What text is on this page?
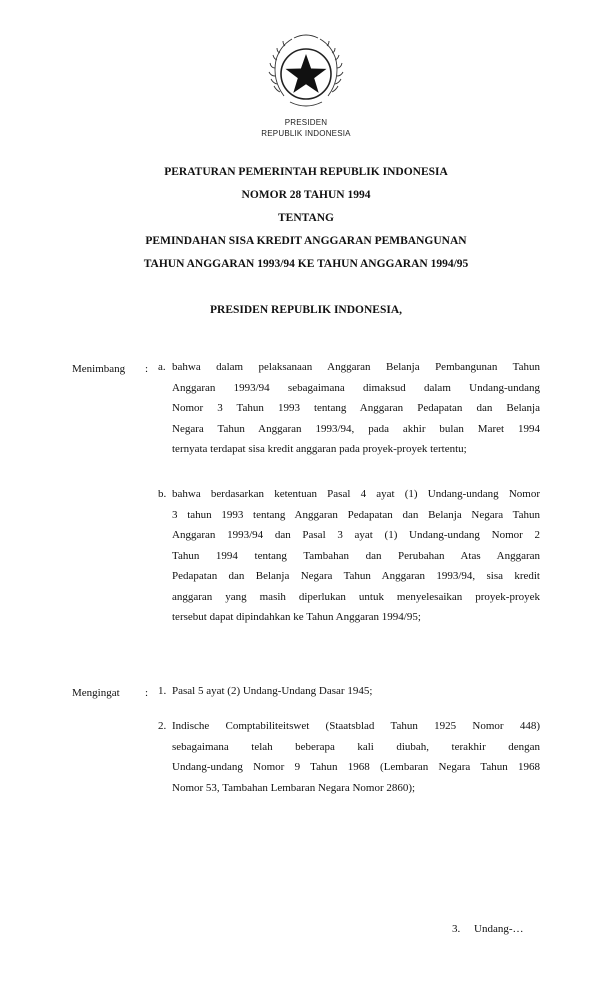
PRESIDEN
REPUBLIK INDONESIA
PERATURAN PEMERINTAH REPUBLIK INDONESIA
NOMOR 28 TAHUN 1994
TENTANG
PEMINDAHAN SISA KREDIT ANGGARAN PEMBANGUNAN
TAHUN ANGGARAN 1993/94 KE TAHUN ANGGARAN 1994/95
PRESIDEN REPUBLIK INDONESIA,
Menimbang : a. bahwa dalam pelaksanaan Anggaran Belanja Pembangunan Tahun
Anggaran 1993/94 sebagaimana dimaksud dalam Undang-undang
Nomor 3 Tahun 1993 tentang Anggaran Pedapatan dan Belanja
Negara Tahun Anggaran 1993/94, pada akhir bulan Maret 1994
ternyata terdapat sisa kredit anggaran pada proyek-proyek tertentu;
b. bahwa berdasarkan ketentuan Pasal 4 ayat (1) Undang-undang Nomor
3 tahun 1993 tentang Anggaran Pedapatan dan Belanja Negara Tahun
Anggaran 1993/94 dan Pasal 3 ayat (1) Undang-undang Nomor 2
Tahun 1994 tentang Tambahan dan Perubahan Atas Anggaran
Pedapatan dan Belanja Negara Tahun Anggaran 1993/94, sisa kredit
anggaran yang masih diperlukan untuk menyelesaikan proyek-proyek
tersebut dapat dipindahkan ke Tahun Anggaran 1994/95;
Mengingat : 1. Pasal 5 ayat (2) Undang-Undang Dasar 1945;
2. Indische Comptabiliteitswet (Staatsblad Tahun 1925 Nomor 448)
sebagaimana telah beberapa kali diubah, terakhir dengan
Undang-undang Nomor 9 Tahun 1968 (Lembaran Negara Tahun 1968
Nomor 53, Tambahan Lembaran Negara Nomor 2860);
3.     Undang-…
